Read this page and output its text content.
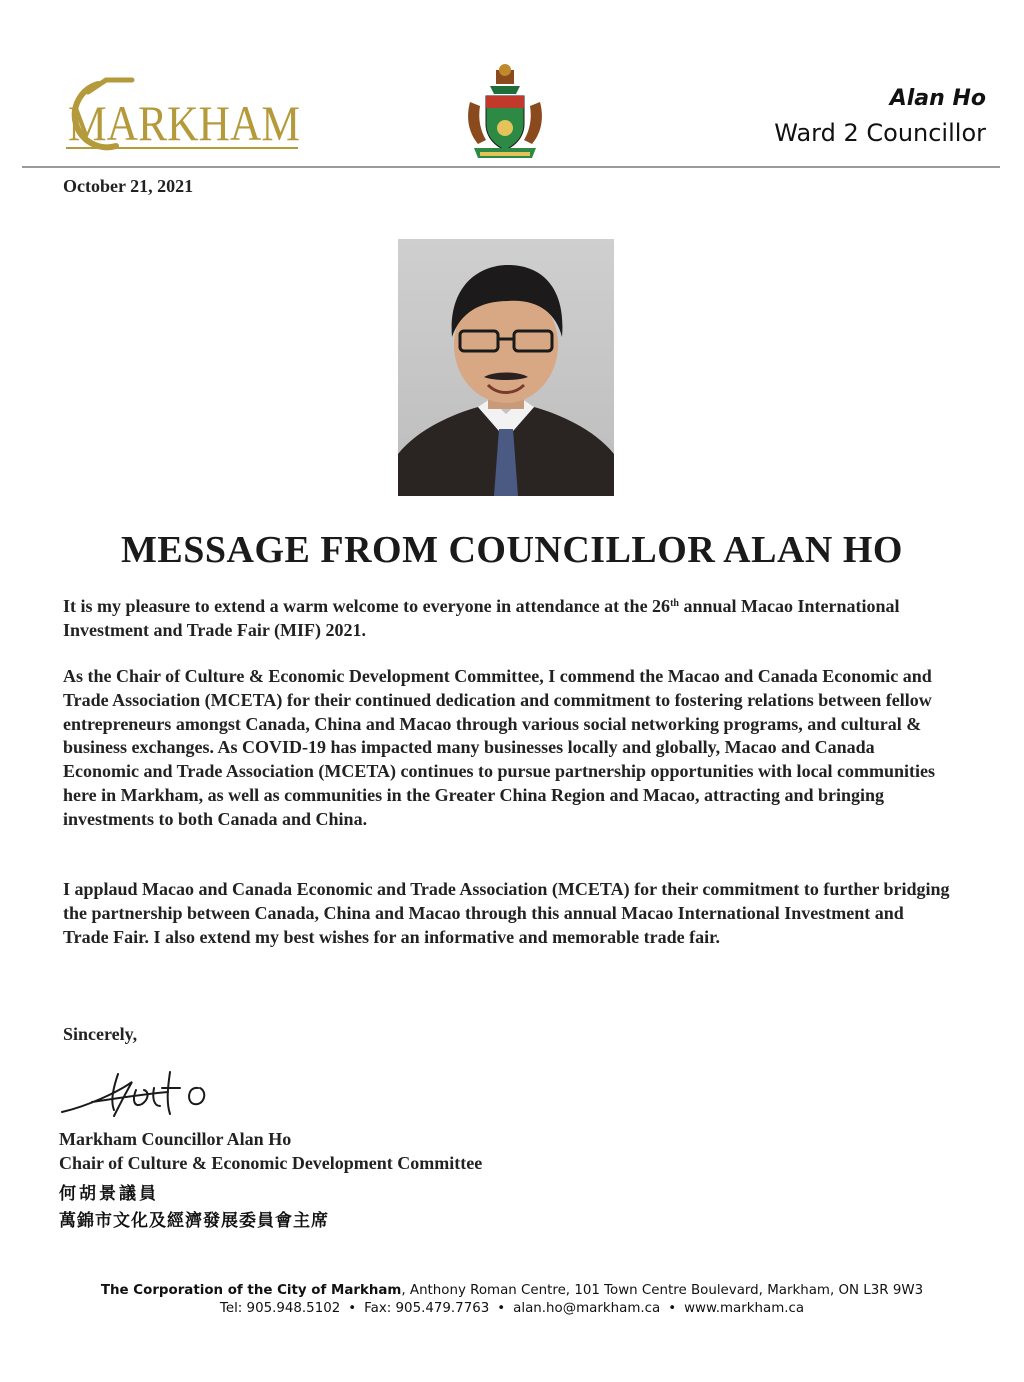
MARKHAM	Alan Ho
Ward 2 Councillor
October 21, 2021
MESSAGE FROM COUNCILLOR ALAN HO
It is my pleasure to extend a warm welcome to everyone in attendance at the 26th annual Macao International Investment and Trade Fair (MIF) 2021.
As the Chair of Culture & Economic Development Committee, I commend the Macao and Canada Economic and Trade Association (MCETA) for their continued dedication and commitment to fostering relations between fellow entrepreneurs amongst Canada, China and Macao through various social networking programs, and cultural & business exchanges. As COVID-19 has impacted many businesses locally and globally, Macao and Canada Economic and Trade Association (MCETA) continues to pursue partnership opportunities with local communities here in Markham, as well as communities in the Greater China Region and Macao, attracting and bringing investments to both Canada and China.
I applaud Macao and Canada Economic and Trade Association (MCETA) for their commitment to further bridging the partnership between Canada, China and Macao through this annual Macao International Investment and Trade Fair. I also extend my best wishes for an informative and memorable trade fair.
Sincerely,
Markham Councillor Alan Ho
Chair of Culture & Economic Development Committee
何胡景議員
萬錦市文化及經濟發展委員會主席
The Corporation of the City of Markham, Anthony Roman Centre, 101 Town Centre Boulevard, Markham, ON L3R 9W3
Tel: 905.948.5102 • Fax: 905.479.7763 • alan.ho@markham.ca • www.markham.ca
